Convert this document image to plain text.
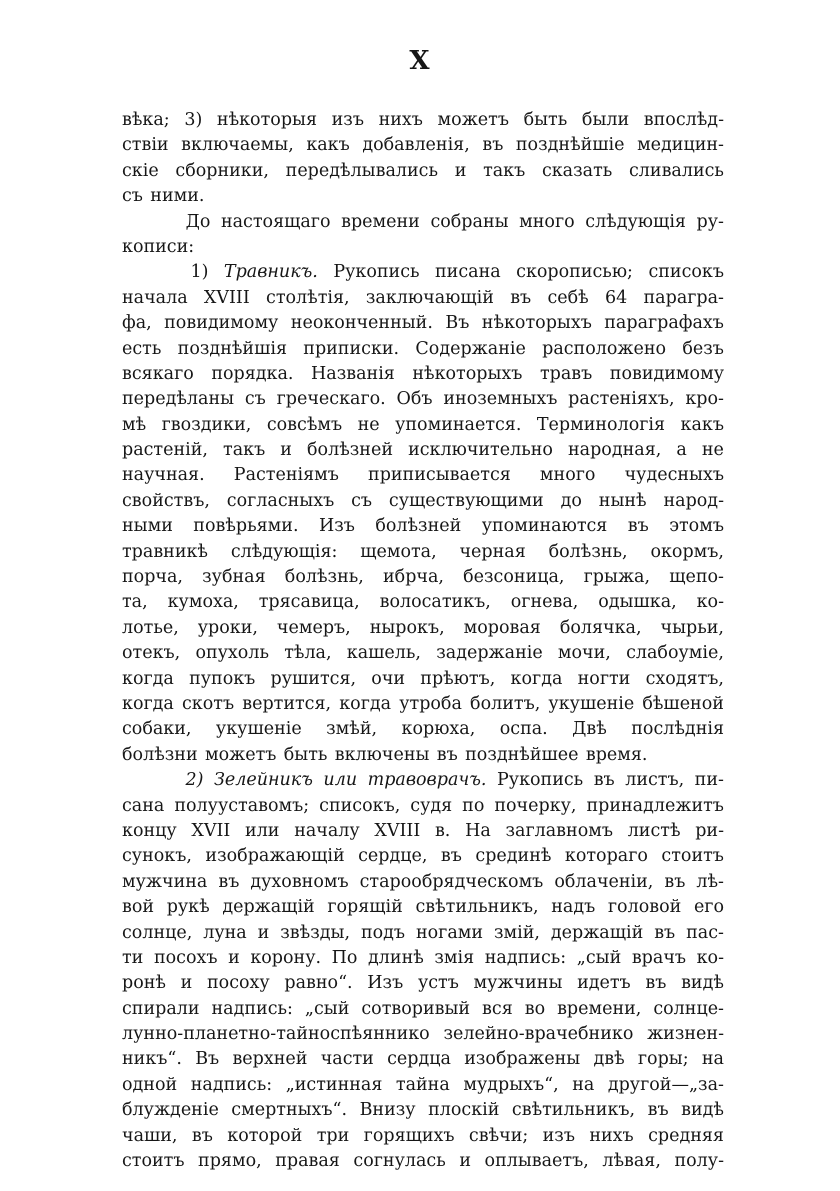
X
вѣка; 3) нѣкоторыя изъ нихъ можетъ быть были впослѣд-
ствіи включаемы, какъ добавленія, въ позднѣйшіе медицин-
скіе сборники, передѣлывались и такъ сказать сливались
съ ними.
До настоящаго времени собраны много слѣдующія ру-
кописи:
1) Травникъ. Рукопись писана скорописью; списокъ
начала XVIII столѣтія, заключающій въ себѣ 64 парагра-
фа, повидимому неоконченный. Въ нѣкоторыхъ параграфахъ
есть позднѣйшія приписки. Содержаніе расположено безъ
всякаго порядка. Названія нѣкоторыхъ травъ повидимому
передѣланы съ греческаго. Объ иноземныхъ растеніяхъ, кро-
мѣ гвоздики, совсѣмъ не упоминается. Терминологія какъ
растеній, такъ и болѣзней исключительно народная, а не
научная. Растеніямъ приписывается много чудесныхъ
свойствъ, согласныхъ съ существующими до нынѣ народ-
ными повѣрьями. Изъ болѣзней упоминаются въ этомъ
травникѣ слѣдующія: щемота, черная болѣзнь, окормъ,
порча, зубная болѣзнь, ибрча, безсоница, грыжа, щепо-
та, кумоха, трясавица, волосатикъ, огнева, одышка, ко-
лотье, уроки, чемеръ, нырокъ, моровая болячка, чырьи,
отекъ, опухоль тѣла, кашель, задержаніе мочи, слабоуміе,
когда пупокъ рушится, очи прѣютъ, когда ногти сходятъ,
когда скотъ вертится, когда утроба болитъ, укушеніе бѣшеной
собаки, укушеніе змѣй, корюха, оспа. Двѣ послѣднія
болѣзни можетъ быть включены въ позднѣйшее время.
2) Зелейникъ или травоврачъ. Рукопись въ листъ, пи-
сана полууставомъ; списокъ, судя по почерку, принадлежитъ
концу XVII или началу XVIII в. На заглавномъ листѣ ри-
сунокъ, изображающій сердце, въ срединѣ котораго стоитъ
мужчина въ духовномъ старообрядческомъ облаченіи, въ лѣ-
вой рукѣ держащій горящій свѣтильникъ, надъ головой его
солнце, луна и звѣзды, подъ ногами змій, держащій въ пас-
ти посохъ и корону. По длинѣ змія надпись: „сый врачъ ко-
ронѣ и посоху равно“. Изъ устъ мужчины идетъ въ видѣ
спирали надпись: „сый сотворивый вся во времени, солнце-
лунно-планетно-тайноспѣяннико зелейно-врачебнико жизнен-
никъ“. Въ верхней части сердца изображены двѣ горы; на
одной надпись: „истинная тайна мудрыхъ“, на другой—„за-
блужденіе смертныхъ“. Внизу плоскій свѣтильникъ, въ видѣ
чаши, въ которой три горящихъ свѣчи; изъ нихъ средняя
стоитъ прямо, правая согнулась и оплываетъ, лѣвая, полу-
